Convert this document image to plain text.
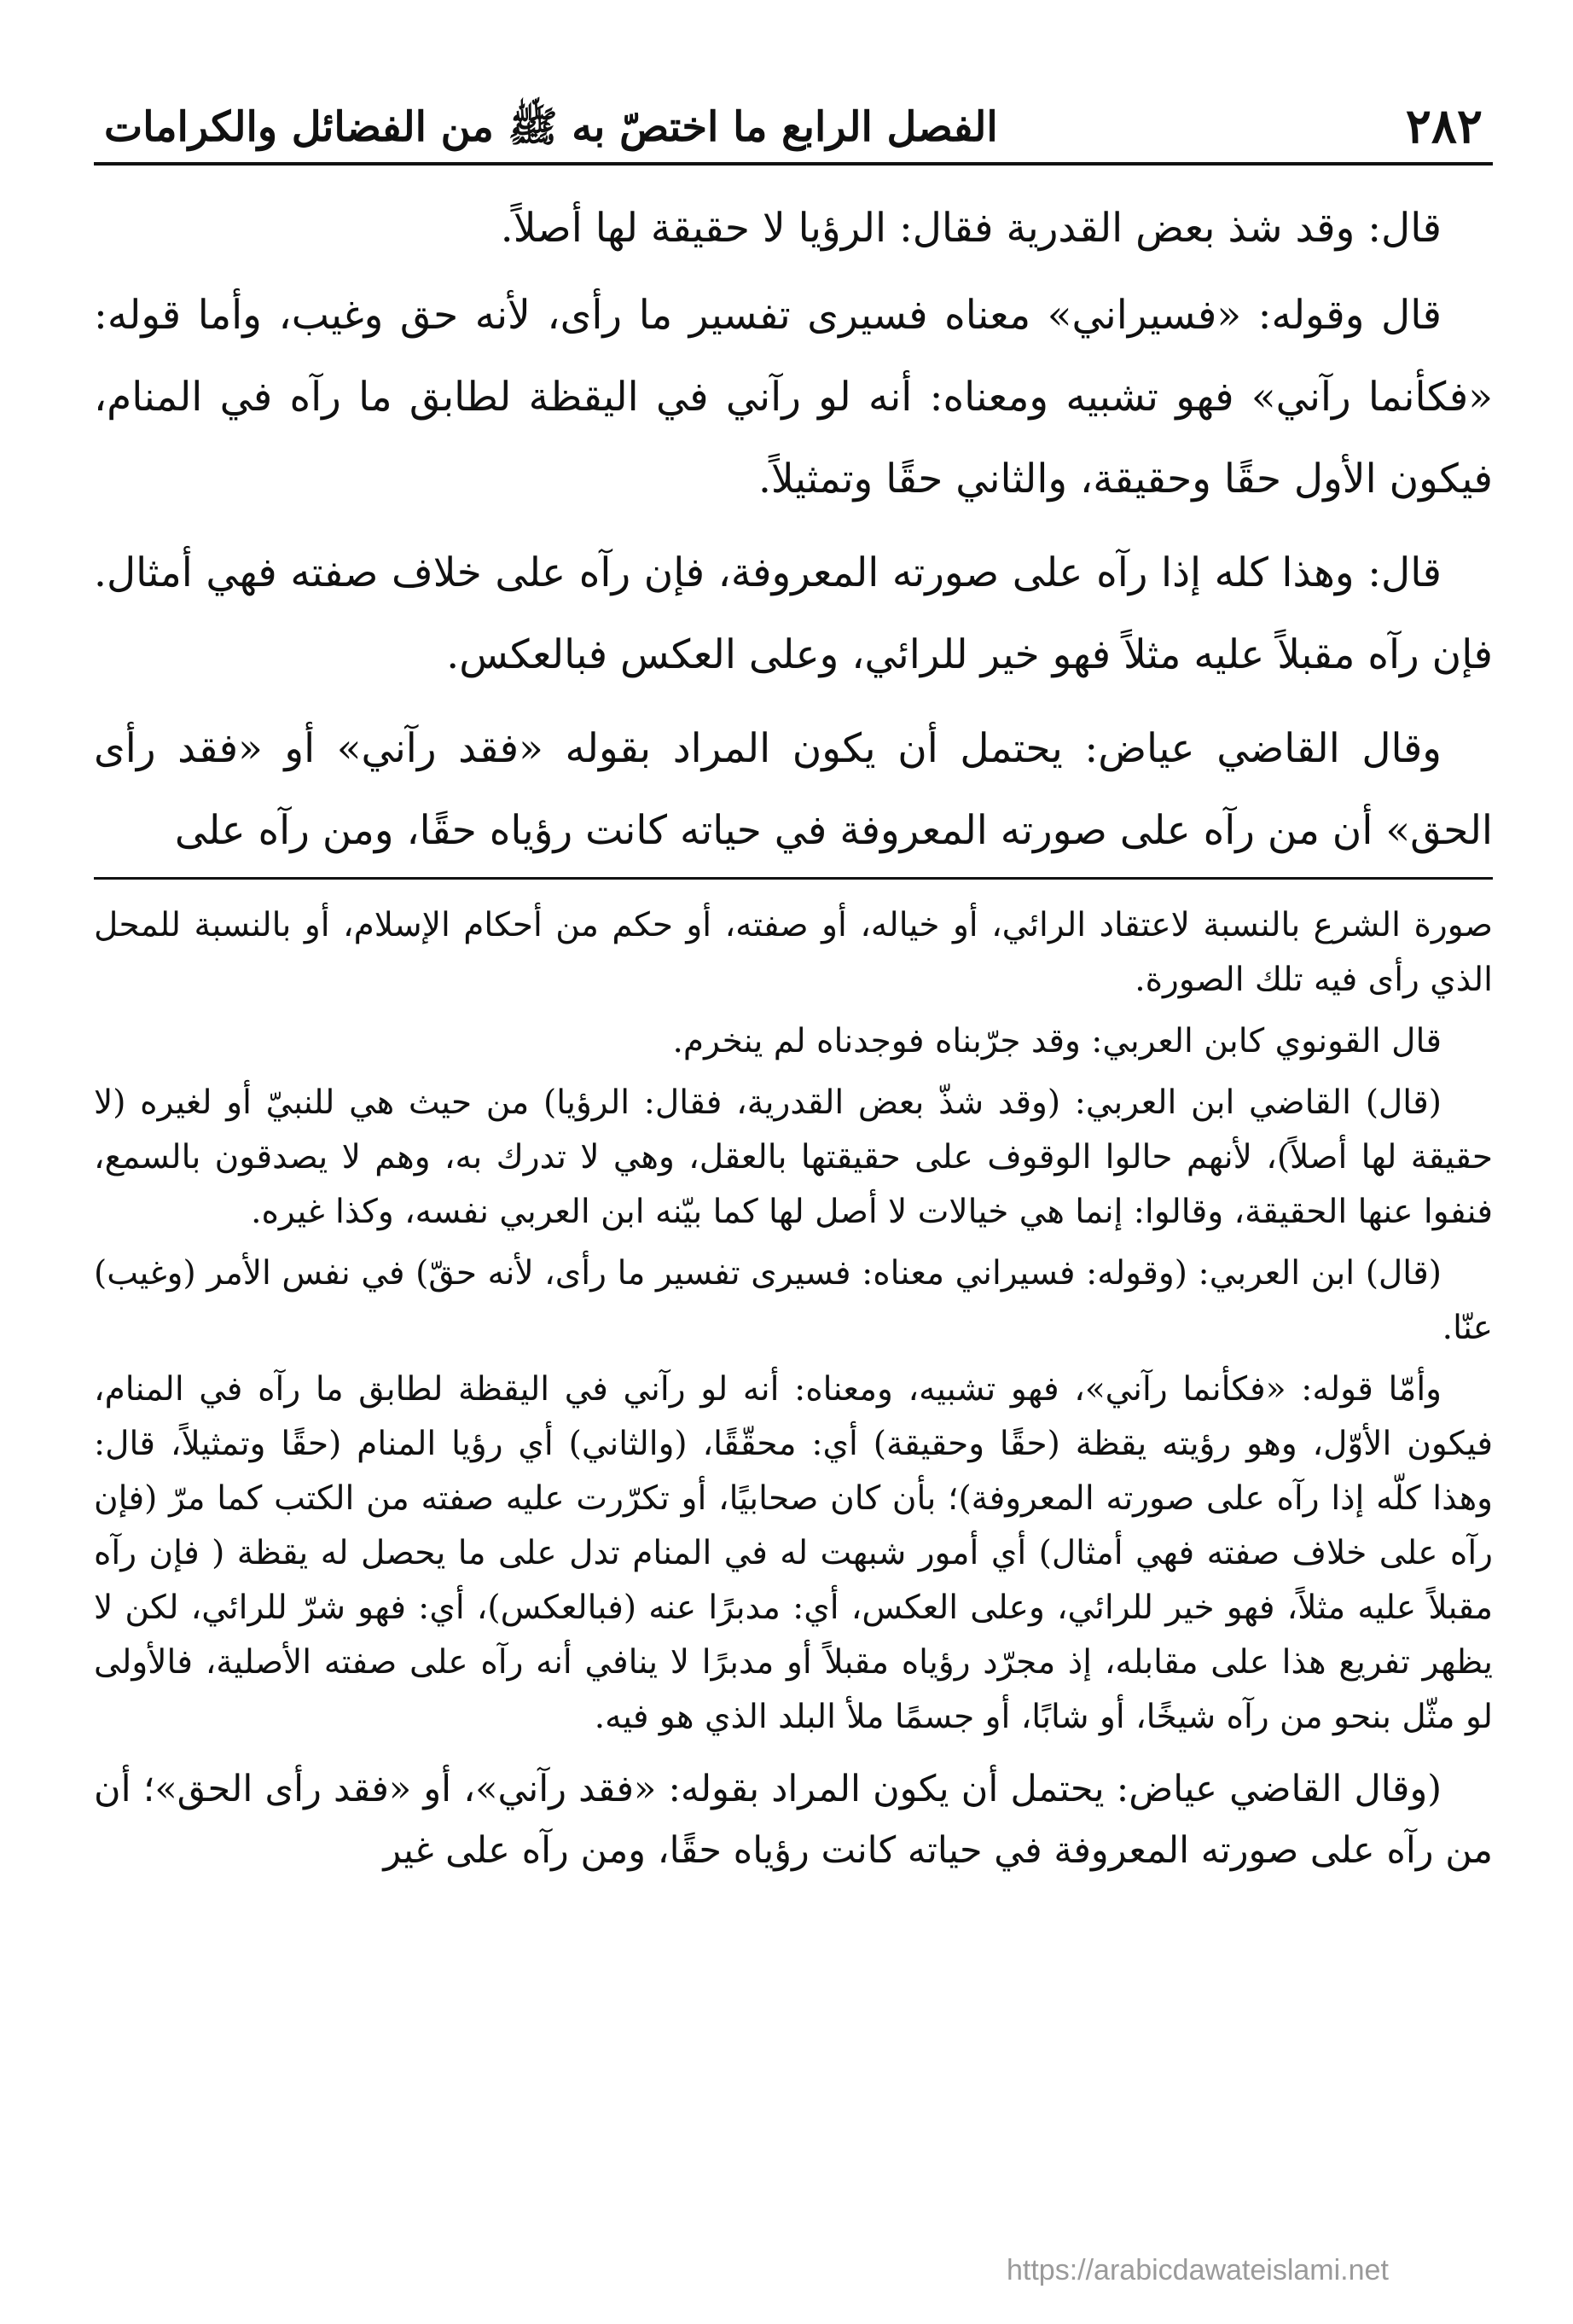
٢٨٢
الفصل الرابع ما اختصّ به ﷺ من الفضائل والكرامات

قال: وقد شذ بعض القدرية فقال: الرؤيا لا حقيقة لها أصلاً.

قال وقوله: «فسيراني» معناه فسيرى تفسير ما رأى، لأنه حق وغيب، وأما قوله: «فكأنما رآني» فهو تشبيه ومعناه: أنه لو رآني في اليقظة لطابق ما رآه في المنام، فيكون الأول حقًا وحقيقة، والثاني حقًا وتمثيلاً.

قال: وهذا كله إذا رآه على صورته المعروفة، فإن رآه على خلاف صفته فهي أمثال. فإن رآه مقبلاً عليه مثلاً فهو خير للرائي، وعلى العكس فبالعكس.

وقال القاضي عياض: يحتمل أن يكون المراد بقوله «فقد رآني» أو «فقد رأى الحق» أن من رآه على صورته المعروفة في حياته كانت رؤياه حقًا، ومن رآه على

صورة الشرع بالنسبة لاعتقاد الرائي، أو خياله، أو صفته، أو حكم من أحكام الإسلام، أو بالنسبة للمحل الذي رأى فيه تلك الصورة.

قال القونوي كابن العربي: وقد جرّبناه فوجدناه لم ينخرم.

(قال) القاضي ابن العربي: (وقد شذّ بعض القدرية، فقال: الرؤيا) من حيث هي للنبيّ أو لغيره (لا حقيقة لها أصلاً)، لأنهم حالوا الوقوف على حقيقتها بالعقل، وهي لا تدرك به، وهم لا يصدقون بالسمع، فنفوا عنها الحقيقة، وقالوا: إنما هي خيالات لا أصل لها كما بيّنه ابن العربي نفسه، وكذا غيره.

(قال) ابن العربي: (وقوله: فسيراني معناه: فسيرى تفسير ما رأى، لأنه حقّ) في نفس الأمر (وغيب) عنّا.

وأمّا قوله: «فكأنما رآني»، فهو تشبيه، ومعناه: أنه لو رآني في اليقظة لطابق ما رآه في المنام، فيكون الأوّل، وهو رؤيته يقظة (حقًا وحقيقة) أي: محقّقًا، (والثاني) أي رؤيا المنام (حقًا وتمثيلاً، قال: وهذا كلّه إذا رآه على صورته المعروفة)؛ بأن كان صحابيًا، أو تكرّرت عليه صفته من الكتب كما مرّ (فإن رآه على خلاف صفته فهي أمثال) أي أمور شبهت له في المنام تدل على ما يحصل له يقظة ( فإن رآه مقبلاً عليه مثلاً، فهو خير للرائي، وعلى العكس، أي: مدبرًا عنه (فبالعكس)، أي: فهو شرّ للرائي، لكن لا يظهر تفريع هذا على مقابله، إذ مجرّد رؤياه مقبلاً أو مدبرًا لا ينافي أنه رآه على صفته الأصلية، فالأولى لو مثّل بنحو من رآه شيخًا، أو شابًا، أو جسمًا ملأ البلد الذي هو فيه.

(وقال القاضي عياض: يحتمل أن يكون المراد بقوله: «فقد رآني»، أو «فقد رأى الحق»؛ أن من رآه على صورته المعروفة في حياته كانت رؤياه حقًا، ومن رآه على غير

https://arabicdawateislami.net
